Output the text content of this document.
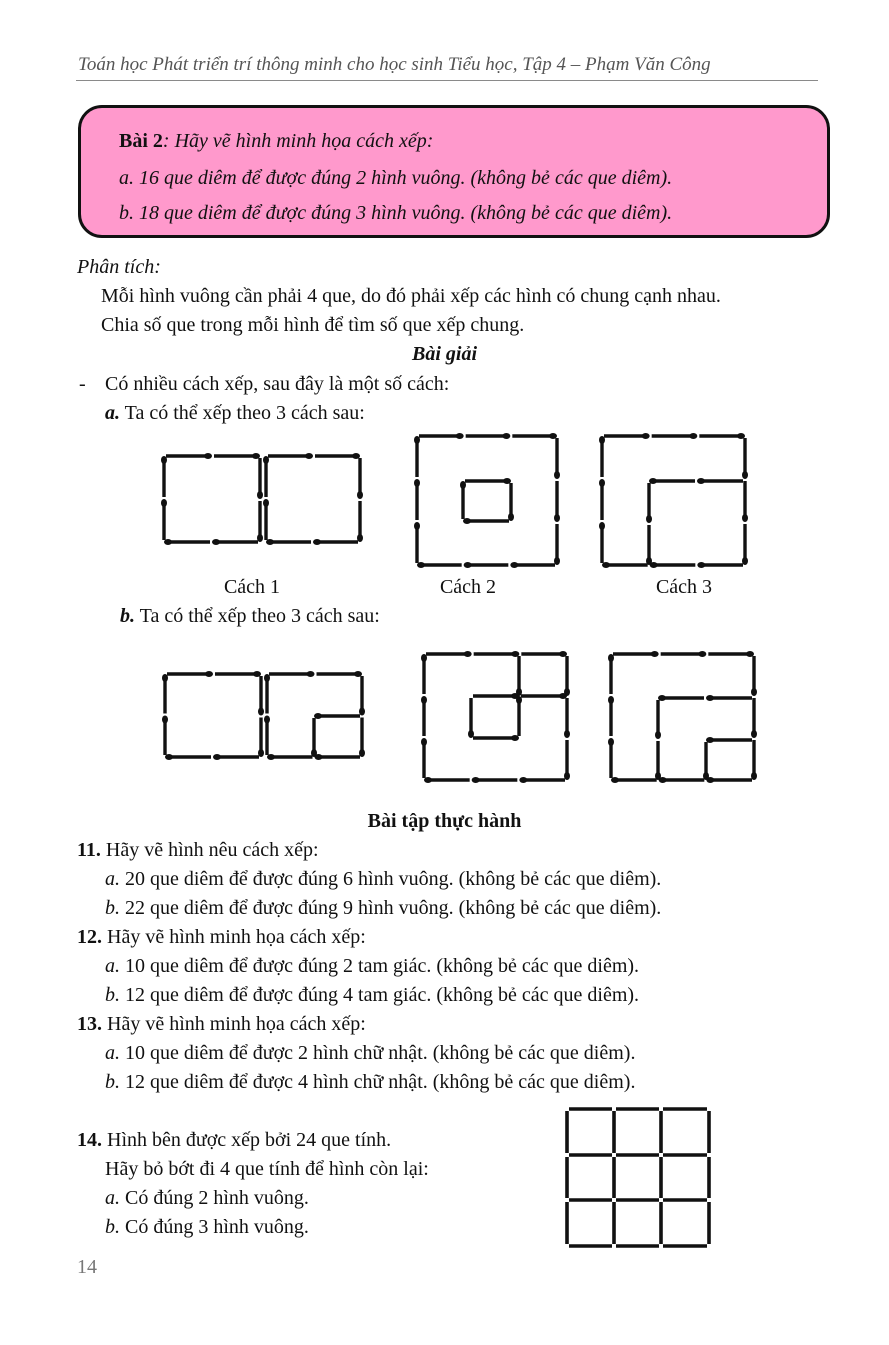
Toán học Phát triển trí thông minh cho học sinh Tiểu học, Tập 4 – Phạm Văn Công
Bài 2: Hãy vẽ hình minh họa cách xếp:
a. 16 que diêm để được đúng 2 hình vuông. (không bẻ các que diêm).
b. 18 que diêm để được đúng 3 hình vuông. (không bẻ các que diêm).
Phân tích:
Mỗi hình vuông cần phải 4 que, do đó phải xếp các hình có chung cạnh nhau.
Chia số que trong mỗi hình để tìm số que xếp chung.
Bài giải
- Có nhiều cách xếp, sau đây là một số cách:
a. Ta có thể xếp theo 3 cách sau:
Cách 1	Cách 2	Cách 3
b. Ta có thể xếp theo 3 cách sau:
Bài tập thực hành
11. Hãy vẽ hình nêu cách xếp:
a. 20 que diêm để được đúng 6 hình vuông. (không bẻ các que diêm).
b. 22 que diêm để được đúng 9 hình vuông. (không bẻ các que diêm).
12. Hãy vẽ hình minh họa cách xếp:
a. 10 que diêm để được đúng 2 tam giác. (không bẻ các que diêm).
b. 12 que diêm để được đúng 4 tam giác. (không bẻ các que diêm).
13. Hãy vẽ hình minh họa cách xếp:
a. 10 que diêm để được 2 hình chữ nhật. (không bẻ các que diêm).
b. 12 que diêm để được 4 hình chữ nhật. (không bẻ các que diêm).
14. Hình bên được xếp bởi 24 que tính.
Hãy bỏ bớt đi 4 que tính để hình còn lại:
a. Có đúng 2 hình vuông.
b. Có đúng 3 hình vuông.
14
